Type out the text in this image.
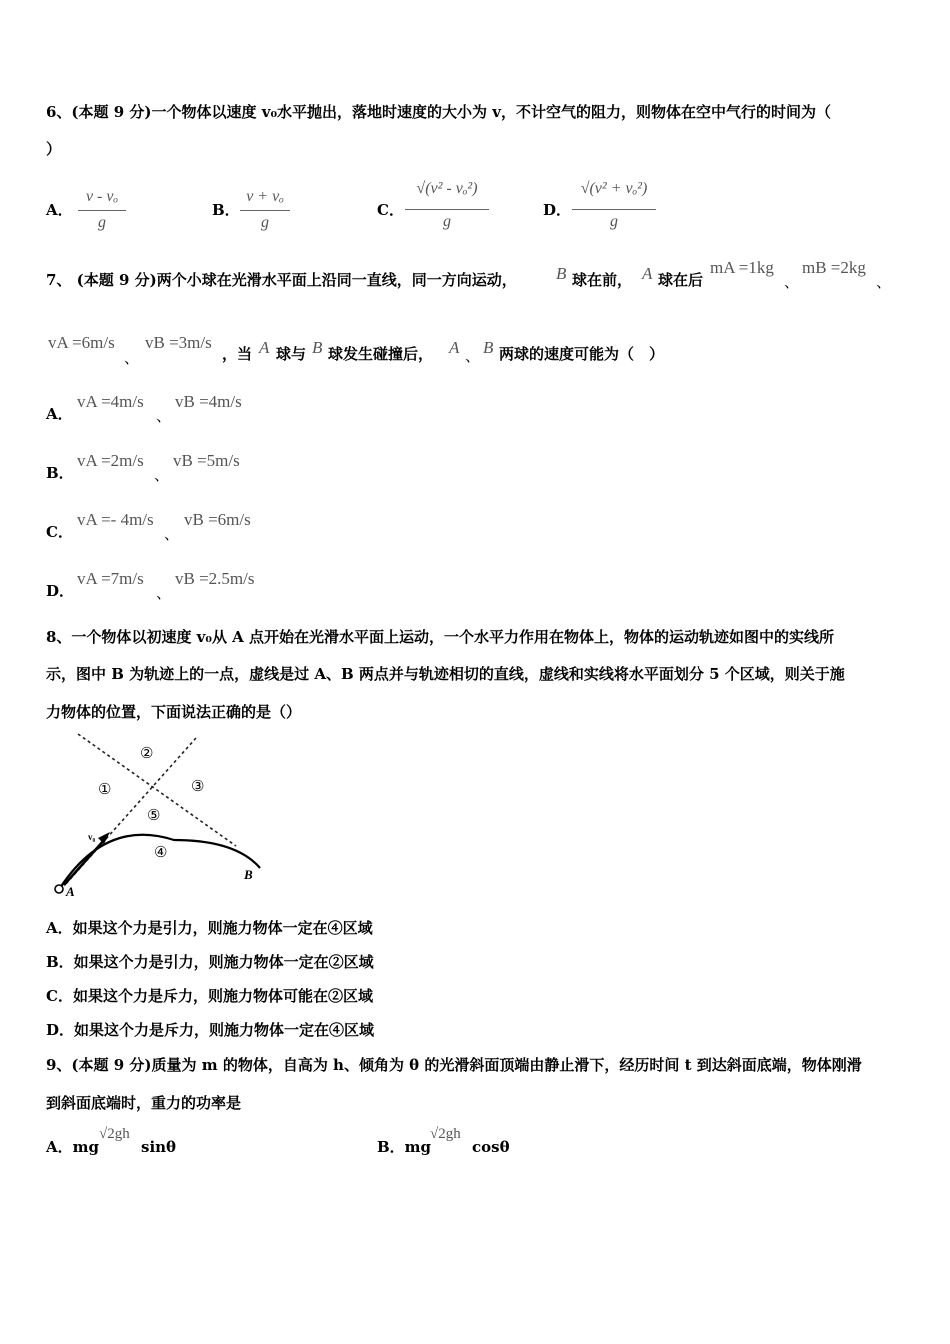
6、(本题 9 分)一个物体以速度 v₀水平抛出，落地时速度的大小为 v，不计空气的阻力，则物体在空中气行的时间为（
）
A．
v - vₒ
g
B．
v + vₒ
g
C．
√(v² - vₒ²)
g
D．
√(v² + vₒ²)
g
7、 (本题 9 分)两个小球在光滑水平面上沿同一直线，同一方向运动， B 球在前， A 球在后
mA =1kg
、
mB =2kg
、
vA =6m/s
、
vB =3m/s
，当 A 球与 B 球发生碰撞后， A 、 B 两球的速度可能为（　）
A．
vA =4m/s
、
vB =4m/s
B．
vA =2m/s
、
vB =5m/s
C．
vA =- 4m/s
、
vB =6m/s
D．
vA =7m/s
、
vB =2.5m/s
8、一个物体以初速度 v₀从 A 点开始在光滑水平面上运动，一个水平力作用在物体上，物体的运动轨迹如图中的实线所
示，图中 B 为轨迹上的一点，虚线是过 A、B 两点并与轨迹相切的直线，虚线和实线将水平面划分 5 个区域，则关于施
力物体的位置，下面说法正确的是（）
A
B
v₀
①
②
③
④
⑤
A．如果这个力是引力，则施力物体一定在④区域
B．如果这个力是引力，则施力物体一定在②区域
C．如果这个力是斥力，则施力物体可能在②区域
D．如果这个力是斥力，则施力物体一定在④区域
9、(本题 9 分)质量为 m 的物体，自高为 h、倾角为 θ 的光滑斜面顶端由静止滑下，经历时间 t 到达斜面底端，物体刚滑
到斜面底端时，重力的功率是
A．mg
√2gh
sinθ	B．mg
√2gh
cosθ
